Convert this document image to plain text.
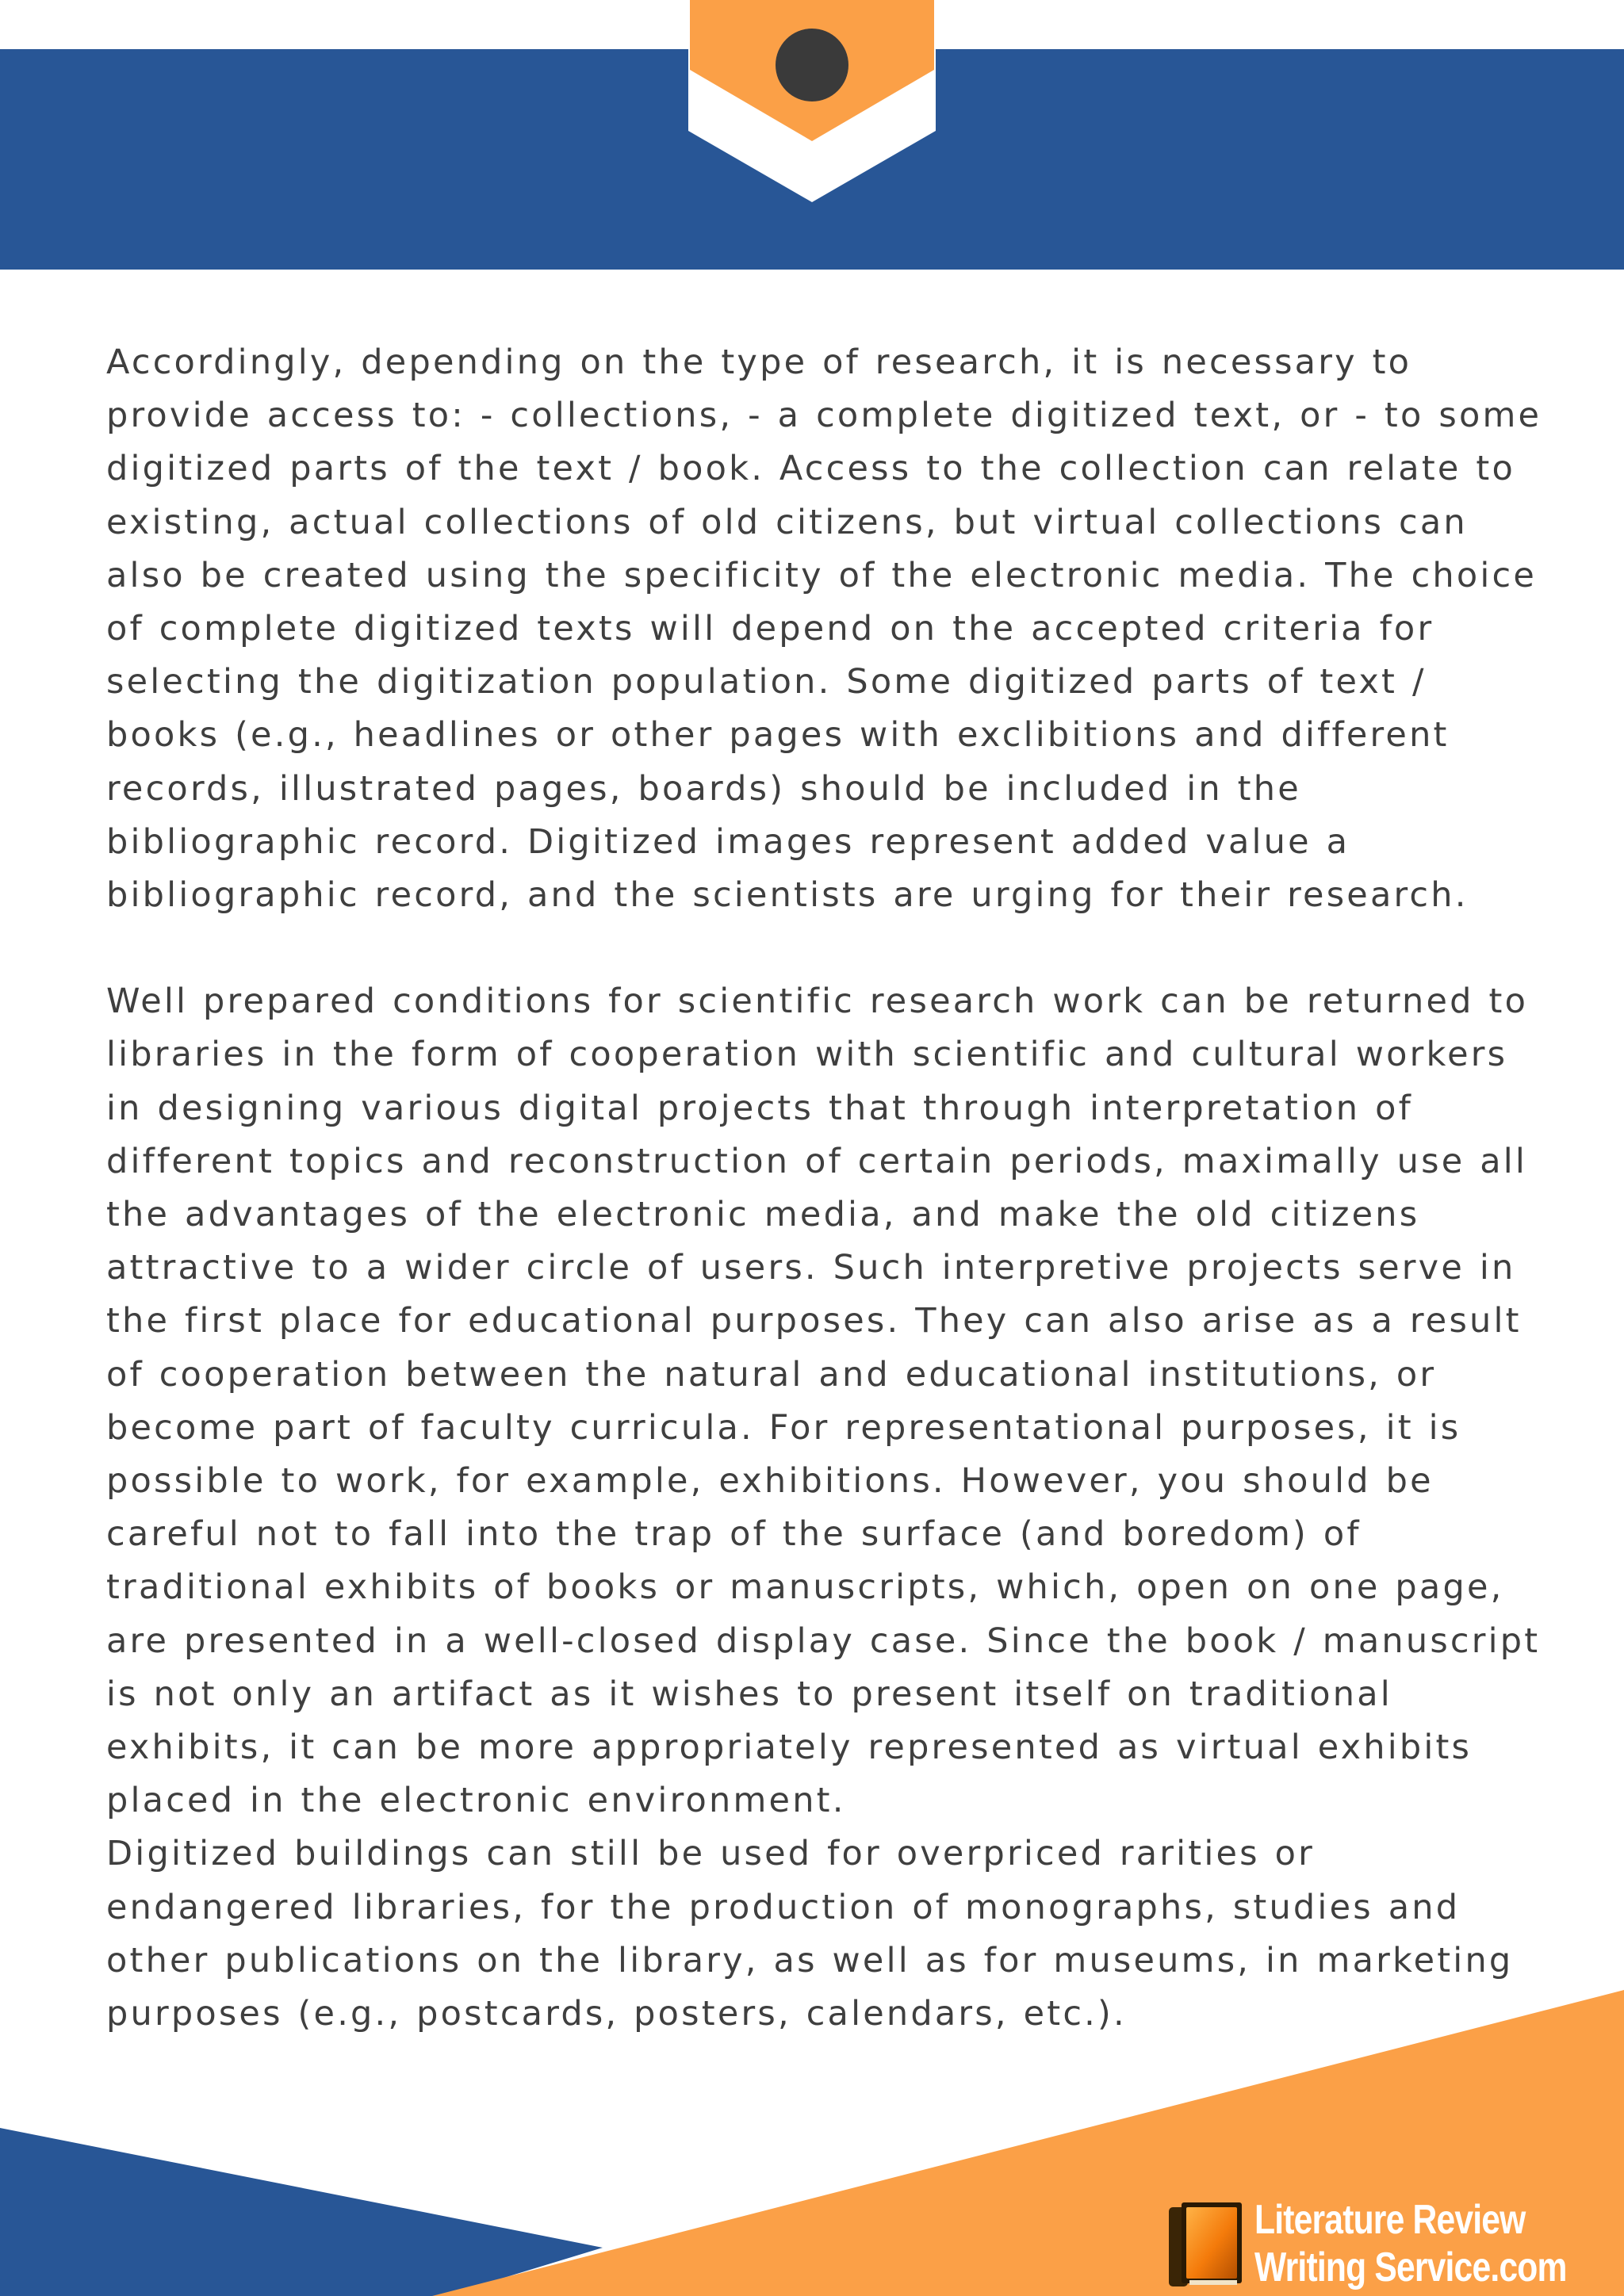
Accordingly, depending on the type of research, it is necessary to
provide access to: - collections, - a complete digitized text, or - to some
digitized parts of the text / book. Access to the collection can relate to
existing, actual collections of old citizens, but virtual collections can
also be created using the specificity of the electronic media. The choice
of complete digitized texts will depend on the accepted criteria for
selecting the digitization population. Some digitized parts of text /
books (e.g., headlines or other pages with exclibitions and different
records, illustrated pages, boards) should be included in the
bibliographic record. Digitized images represent added value a
bibliographic record, and the scientists are urging for their research.

Well prepared conditions for scientific research work can be returned to
libraries in the form of cooperation with scientific and cultural workers
in designing various digital projects that through interpretation of
different topics and reconstruction of certain periods, maximally use all
the advantages of the electronic media, and make the old citizens
attractive to a wider circle of users. Such interpretive projects serve in
the first place for educational purposes. They can also arise as a result
of cooperation between the natural and educational institutions, or
become part of faculty curricula. For representational purposes, it is
possible to work, for example, exhibitions. However, you should be
careful not to fall into the trap of the surface (and boredom) of
traditional exhibits of books or manuscripts, which, open on one page,
are presented in a well-closed display case. Since the book / manuscript
is not only an artifact as it wishes to present itself on traditional
exhibits, it can be more appropriately represented as virtual exhibits
placed in the electronic environment.

Digitized buildings can still be used for overpriced rarities or
endangered libraries, for the production of monographs, studies and
other publications on the library, as well as for museums, in marketing
purposes (e.g., postcards, posters, calendars, etc.).

Literature Review
Writing Service.com
